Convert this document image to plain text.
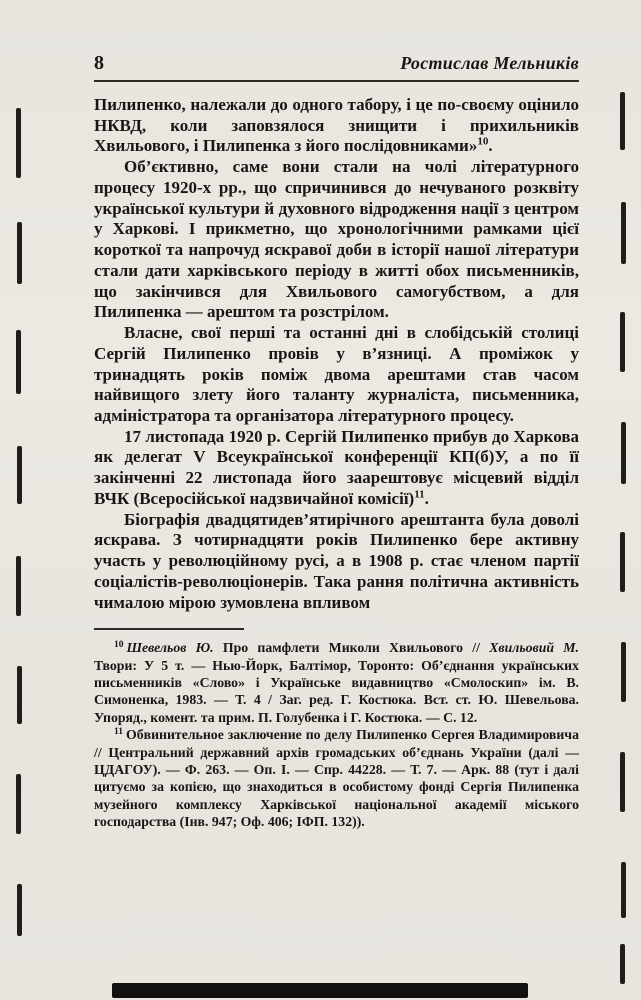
8	Ростислав Мельників

Пилипенко, належали до одного табору, і це по-своєму оцінило НКВД, коли заповзялося знищити і прихильників Хвильового, і Пилипенка з його послідовниками»$^{10}$.

Об’єктивно, саме вони стали на чолі літературного процесу 1920-х рр., що спричинився до нечуваного розквіту української культури й духовного відродження нації з центром у Харкові. І прикметно, що хронологічними рамками цієї короткої та напрочуд яскравої доби в історії нашої літератури стали дати харківського періоду в житті обох письменників, що закінчився для Хвильового самогубством, а для Пилипенка — арештом та розстрілом.

Власне, свої перші та останні дні в слобідській столиці Сергій Пилипенко провів у в’язниці. А проміжок у тринадцять років поміж двома арештами став часом найвищого злету його таланту журналіста, письменника, адміністратора та організатора літературного процесу.

17 листопада 1920 р. Сергій Пилипенко прибув до Харкова як делегат V Всеукраїнської конференції КП(б)У, а по її закінченні 22 листопада його заарештовує місцевий відділ ВЧК (Всеросійської надзвичайної комісії)$^{11}$.

Біографія двадцятидев’ятирічного арештанта була доволі яскрава. З чотирнадцяти років Пилипенко бере активну участь у революційному русі, а в 1908 р. стає членом партії соціалістів-революціонерів. Така рання політична активність чималою мірою зумовлена впливом

$^{10}$ Шевельов Ю. Про памфлети Миколи Хвильового // Хвильовий М. Твори: У 5 т. — Нью-Йорк, Балтімор, Торонто: Об’єднання українських письменників «Слово» і Українське видавництво «Смолоскип» ім. В. Симоненка, 1983. — Т. 4 / Заг. ред. Г. Костюка. Вст. ст. Ю. Шевельова. Упоряд., комент. та прим. П. Голубенка і Г. Костюка. — С. 12.

$^{11}$ Обвинительное заключение по делу Пилипенко Сергея Владимировича // Центральний державний архів громадських об’єднань України (далі — ЦДАГОУ). — Ф. 263. — Оп. І. — Спр. 44228. — Т. 7. — Арк. 88 (тут і далі цитуємо за копією, що знаходиться в особистому фонді Сергія Пилипенка музейного комплексу Харківської національної академії міського господарства (Інв. 947; Оф. 406; ІФП. 132)).
